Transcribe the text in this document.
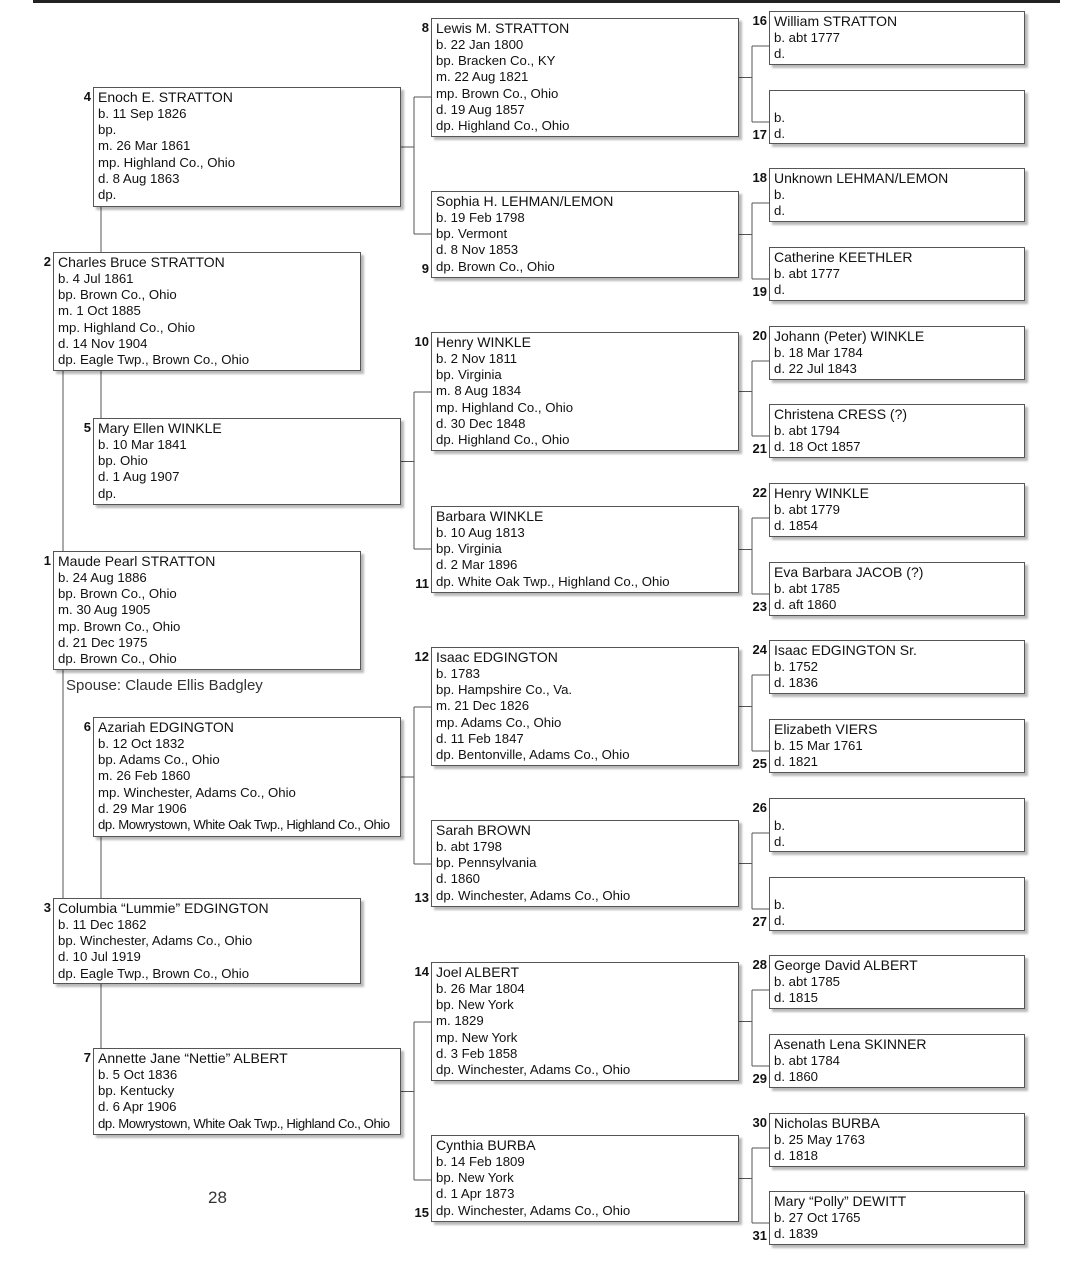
Maude Pearl STRATTON
b. 24 Aug 1886
bp. Brown Co., Ohio
m. 30 Aug 1905
mp. Brown Co., Ohio
d. 21 Dec 1975
dp. Brown Co., Ohio
1
Charles Bruce STRATTON
b. 4 Jul 1861
bp. Brown Co., Ohio
m. 1 Oct 1885
mp. Highland Co., Ohio
d. 14 Nov 1904
dp. Eagle Twp., Brown Co., Ohio
2
Columbia “Lummie” EDGINGTON
b. 11 Dec 1862
bp. Winchester, Adams Co., Ohio
d. 10 Jul 1919
dp. Eagle Twp., Brown Co., Ohio
3
Enoch E. STRATTON
b. 11 Sep 1826
bp.
m. 26 Mar 1861
mp. Highland Co., Ohio
d. 8 Aug 1863
dp.
4
Mary Ellen WINKLE
b. 10 Mar 1841
bp. Ohio
d. 1 Aug 1907
dp.
5
Azariah EDGINGTON
b. 12 Oct 1832
bp. Adams Co., Ohio
m. 26 Feb 1860
mp. Winchester, Adams Co., Ohio
d. 29 Mar 1906
dp. Mowrystown, White Oak Twp., Highland Co., Ohio
6
Annette Jane “Nettie” ALBERT
b. 5 Oct 1836
bp. Kentucky
d. 6 Apr 1906
dp. Mowrystown, White Oak Twp., Highland Co., Ohio
7
Lewis M. STRATTON
b. 22 Jan 1800
bp. Bracken Co., KY
m. 22 Aug 1821
mp. Brown Co., Ohio
d. 19 Aug 1857
dp. Highland Co., Ohio
8
Sophia H. LEHMAN/LEMON
b. 19 Feb 1798
bp. Vermont
d. 8 Nov 1853
dp. Brown Co., Ohio
9
Henry WINKLE
b. 2 Nov 1811
bp. Virginia
m. 8 Aug 1834
mp. Highland Co., Ohio
d. 30 Dec 1848
dp. Highland Co., Ohio
10
Barbara WINKLE
b. 10 Aug 1813
bp. Virginia
d. 2 Mar 1896
dp. White Oak Twp., Highland Co., Ohio
11
Isaac EDGINGTON
b. 1783
bp. Hampshire Co., Va.
m. 21 Dec 1826
mp. Adams Co., Ohio
d. 11 Feb 1847
dp. Bentonville, Adams Co., Ohio
12
Sarah BROWN
b. abt 1798
bp. Pennsylvania
d. 1860
dp. Winchester, Adams Co., Ohio
13
Joel ALBERT
b. 26 Mar 1804
bp. New York
m. 1829
mp. New York
d. 3 Feb 1858
dp. Winchester, Adams Co., Ohio
14
Cynthia BURBA
b. 14 Feb 1809
bp. New York
d. 1 Apr 1873
dp. Winchester, Adams Co., Ohio
15
William STRATTON
b. abt 1777
d.
16
b.
d.
17
Unknown LEHMAN/LEMON
b.
d.
18
Catherine KEETHLER
b. abt 1777
d.
19
Johann (Peter) WINKLE
b. 18 Mar 1784
d. 22 Jul 1843
20
Christena CRESS (?)
b. abt 1794
d. 18 Oct 1857
21
Henry WINKLE
b. abt 1779
d. 1854
22
Eva Barbara JACOB (?)
b. abt 1785
d. aft 1860
23
Isaac EDGINGTON Sr.
b. 1752
d. 1836
24
Elizabeth VIERS
b. 15 Mar 1761
d. 1821
25
b.
d.
26
b.
d.
27
George David ALBERT
b. abt 1785
d. 1815
28
Asenath Lena SKINNER
b. abt 1784
d. 1860
29
Nicholas BURBA
b. 25 May 1763
d. 1818
30
Mary “Polly” DEWITT
b. 27 Oct 1765
d. 1839
31
Spouse: Claude Ellis Badgley
28
